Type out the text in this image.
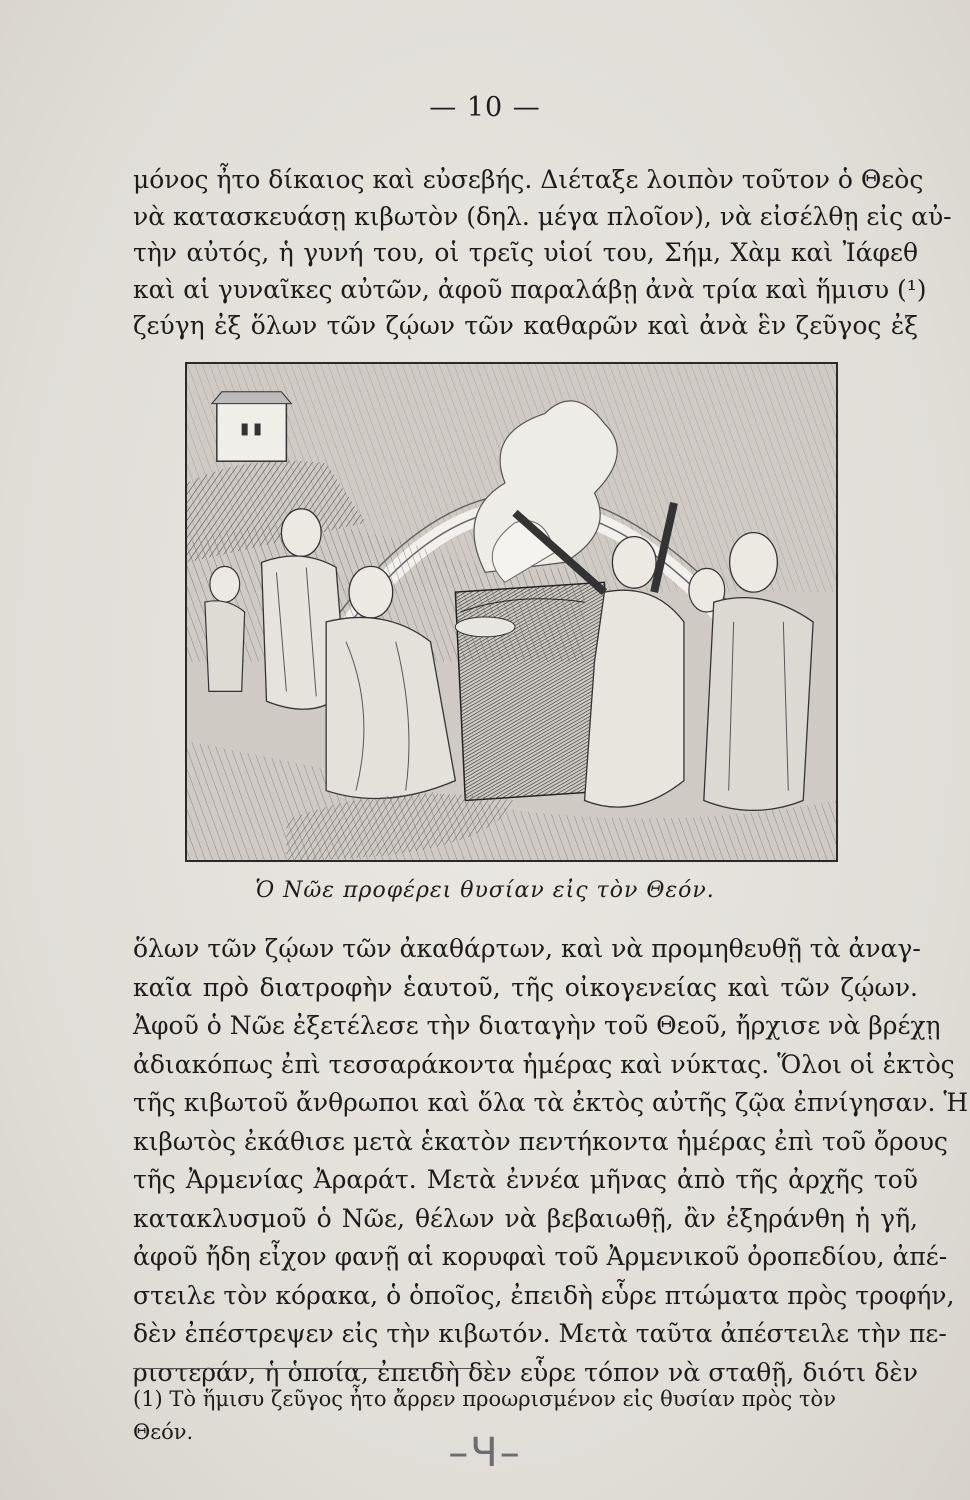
— 10 —
μόνος ἦτο δίκαιος καὶ εὐσεβής. Διέταξε λοιπὸν τοῦτον ὁ Θεὸς
νὰ κατασκευάσῃ κιβωτὸν (δηλ. μέγα πλοῖον), νὰ εἰσέλθῃ εἰς αὐ-
τὴν αὐτός, ἡ γυνή του, οἱ τρεῖς υἱοί του, Σήμ, Χὰμ καὶ Ἰάφεθ
καὶ αἱ γυναῖκες αὐτῶν, ἀφοῦ παραλάβῃ ἀνὰ τρία καὶ ἥμισυ (¹)
ζεύγη ἐξ ὅλων τῶν ζῴων τῶν καθαρῶν καὶ ἀνὰ ἓν ζεῦγος ἐξ
Ὁ Νῶε προφέρει θυσίαν εἰς τὸν Θεόν.
ὅλων τῶν ζῴων τῶν ἀκαθάρτων, καὶ νὰ προμηθευθῇ τὰ ἀναγ-
καῖα πρὸ διατροφὴν ἑαυτοῦ, τῆς οἰκογενείας καὶ τῶν ζῴων.
Ἀφοῦ ὁ Νῶε ἐξετέλεσε τὴν διαταγὴν τοῦ Θεοῦ, ἤρχισε νὰ βρέχῃ
ἀδιακόπως ἐπὶ τεσσαράκοντα ἡμέρας καὶ νύκτας. Ὅλοι οἱ ἐκτὸς
τῆς κιβωτοῦ ἄνθρωποι καὶ ὅλα τὰ ἐκτὸς αὐτῆς ζῷα ἐπνίγησαν. Ἡ
κιβωτὸς ἐκάθισε μετὰ ἑκατὸν πεντήκοντα ἡμέρας ἐπὶ τοῦ ὄρους
τῆς Ἀρμενίας Ἀραράτ. Μετὰ ἐννέα μῆνας ἀπὸ τῆς ἀρχῆς τοῦ
κατακλυσμοῦ ὁ Νῶε, θέλων νὰ βεβαιωθῇ, ἂν ἐξηράνθη ἡ γῆ,
ἀφοῦ ἤδη εἶχον φανῇ αἱ κορυφαὶ τοῦ Ἀρμενικοῦ ὀροπεδίου, ἀπέ-
στειλε τὸν κόρακα, ὁ ὁποῖος, ἐπειδὴ εὗρε πτώματα πρὸς τροφήν,
δὲν ἐπέστρεψεν εἰς τὴν κιβωτόν. Μετὰ ταῦτα ἀπέστειλε τὴν πε-
ριστεράν, ἡ ὁποία, ἐπειδὴ δὲν εὗρε τόπον νὰ σταθῇ, διότι δὲν
(1) Τὸ ἥμισυ ζεῦγος ἦτο ἄρρεν προωρισμένον εἰς θυσίαν πρὸς τὸν
Θεόν.	–Ч–
